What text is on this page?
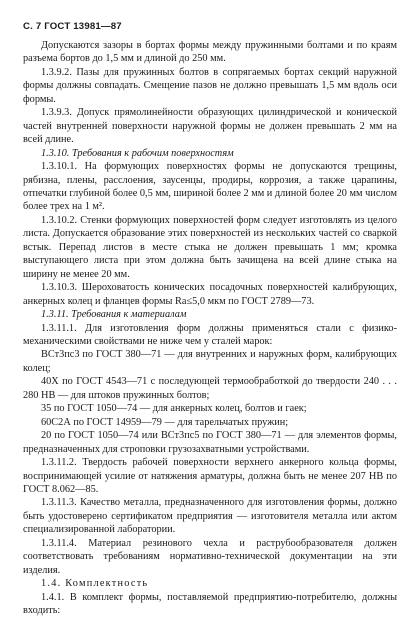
С. 7 ГОСТ 13981—87

Допускаются зазоры в бортах формы между пружинными болтами и по краям разъема бортов до 1,5 мм и длиной до 250 мм.

1.3.9.2. Пазы для пружинных болтов в сопрягаемых бортах секций наружной формы должны совпадать. Смещение пазов не должно превышать 1,5 мм вдоль оси формы.

1.3.9.3. Допуск прямолинейности образующих цилиндрической и конической частей внутренней поверхности наружной формы не должен превышать 2 мм на всей длине.

1.3.10. Требования к рабочим поверхностям

1.3.10.1. На формующих поверхностях формы не допускаются трещины, рябизна, плены, расслоения, заусенцы, продиры, коррозия, а также царапины, отпечатки глубиной более 0,5 мм, шириной более 2 мм и длиной более 20 мм числом более трех на 1 м².

1.3.10.2. Стенки формующих поверхностей форм следует изготовлять из целого листа. Допускается образование этих поверхностей из нескольких частей со сваркой встык. Перепад листов в месте стыка не должен превышать 1 мм; кромка выступающего листа при этом должна быть зачищена на всей длине стыка на ширину не менее 20 мм.

1.3.10.3. Шероховатость конических посадочных поверхностей калибрующих, анкерных колец и фланцев формы Ra≤5,0 мкм по ГОСТ 2789—73.

1.3.11. Требования к материалам

1.3.11.1. Для изготовления форм должны применяться стали с физико-механическими свойствами не ниже чем у сталей марок:

ВСт3пс3 по ГОСТ 380—71 — для внутренних и наружных форм, калибрующих колец;

40Х по ГОСТ 4543—71 с последующей термообработкой до твердости 240 . . . 280 НВ — для штоков пружинных болтов;

35 по ГОСТ 1050—74 — для анкерных колец, болтов и гаек;

60С2А по ГОСТ 14959—79 — для тарельчатых пружин;

20 по ГОСТ 1050—74 или ВСт3пс5 по ГОСТ 380—71 — для элементов формы, предназначенных для строповки грузозахватными устройствами.

1.3.11.2. Твердость рабочей поверхности верхнего анкерного кольца формы, воспринимающей усилие от натяжения арматуры, должна быть не менее 207 НВ по ГОСТ 8.062—85.

1.3.11.3. Качество металла, предназначенного для изготовления формы, должно быть удостоверено сертификатом предприятия — изготовителя металла или актом специализированной лаборатории.

1.3.11.4. Материал резинового чехла и раструбообразователя должен соответствовать требованиям нормативно-технической документации на эти изделия.

1.4. Комплектность

1.4.1. В комплект формы, поставляемой предприятию-потребителю, должны входить:
